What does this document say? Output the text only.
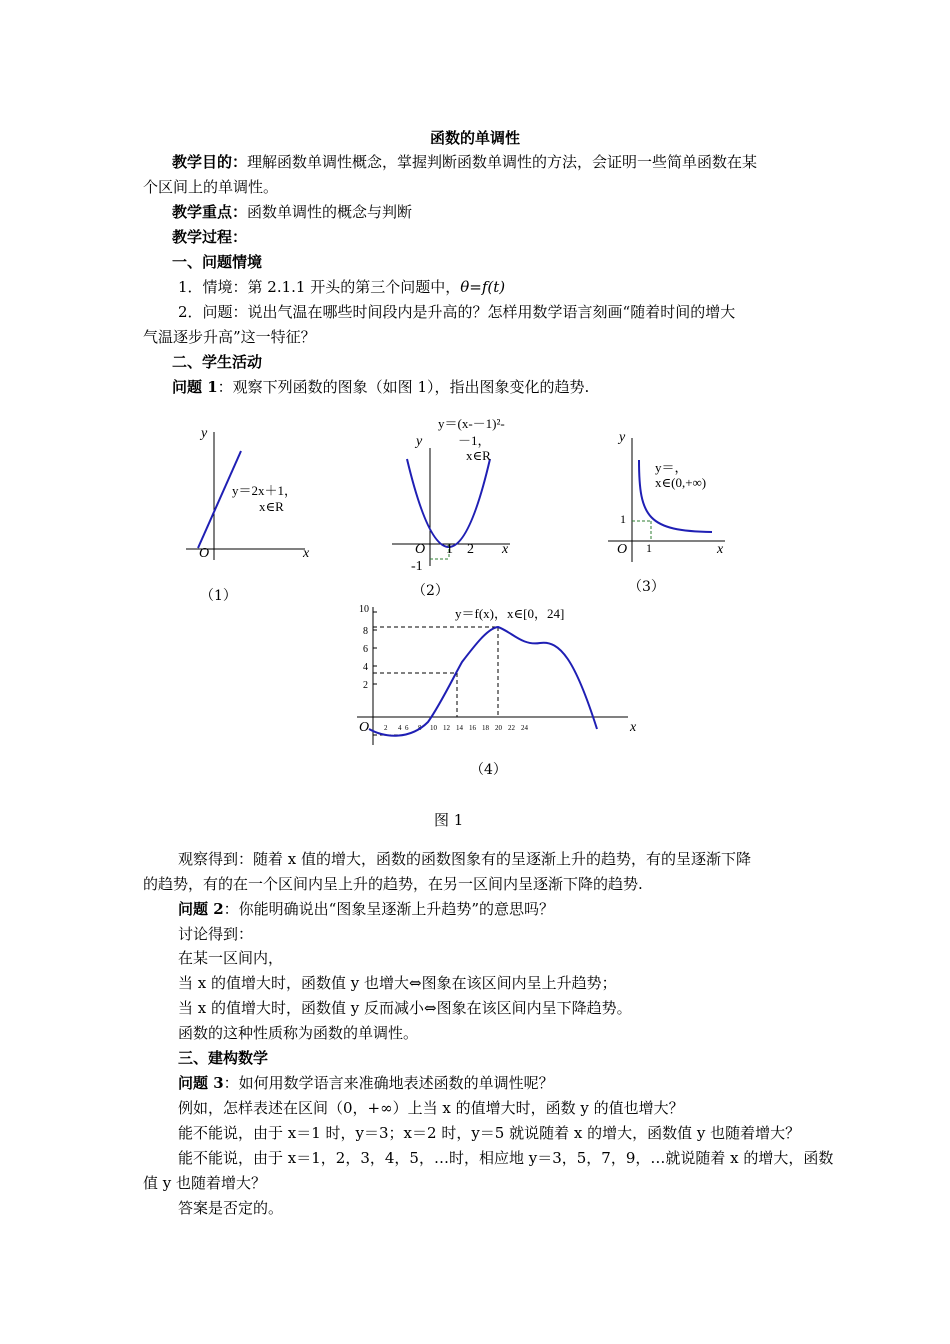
函数的单调性
教学目的：理解函数单调性概念，掌握判断函数单调性的方法，会证明一些简单函数在某
个区间上的单调性。
教学重点：函数单调性的概念与判断
教学过程：
一、问题情境
1．情境：第 2.1.1 开头的第三个问题中，θ=f(t)
2．问题：说出气温在哪些时间段内是升高的？怎样用数学语言刻画“随着时间的增大
气温逐步升高”这一特征？
二、学生活动
问题 1：观察下列函数的图象（如图 1），指出图象变化的趋势.
y
O	x
y＝2x＋1，
x∈R
y
O	x
1 2
-1
y＝(x-－1)²-
－1，
x∈R
y
O	x
1
1
y＝，
x∈(0,+∞)
10
8
6
4
2
2 4 6 8 10 12 14 16 18 20 22 24
O	x
y＝f(x)，x∈[0，24]
（1）	（2）	（3）
（4）
图 1
观察得到：随着 x 值的增大，函数的函数图象有的呈逐渐上升的趋势，有的呈逐渐下降
的趋势，有的在一个区间内呈上升的趋势，在另一区间内呈逐渐下降的趋势.
问题 2：你能明确说出“图象呈逐渐上升趋势”的意思吗？
讨论得到：
在某一区间内，
当 x 的值增大时，函数值 y 也增大⇔图象在该区间内呈上升趋势；
当 x 的值增大时，函数值 y 反而减小⇔图象在该区间内呈下降趋势。
函数的这种性质称为函数的单调性。
三、建构数学
问题 3：如何用数学语言来准确地表述函数的单调性呢？
例如，怎样表述在区间（0，+∞）上当 x 的值增大时，函数 y 的值也增大？
能不能说，由于 x＝1 时，y＝3；x＝2 时，y＝5 就说随着 x 的增大，函数值 y 也随着增大？
能不能说，由于 x＝1，2，3，4，5，…时，相应地 y＝3，5，7，9，…就说随着 x 的增大，函数
值 y 也随着增大？
答案是否定的。
